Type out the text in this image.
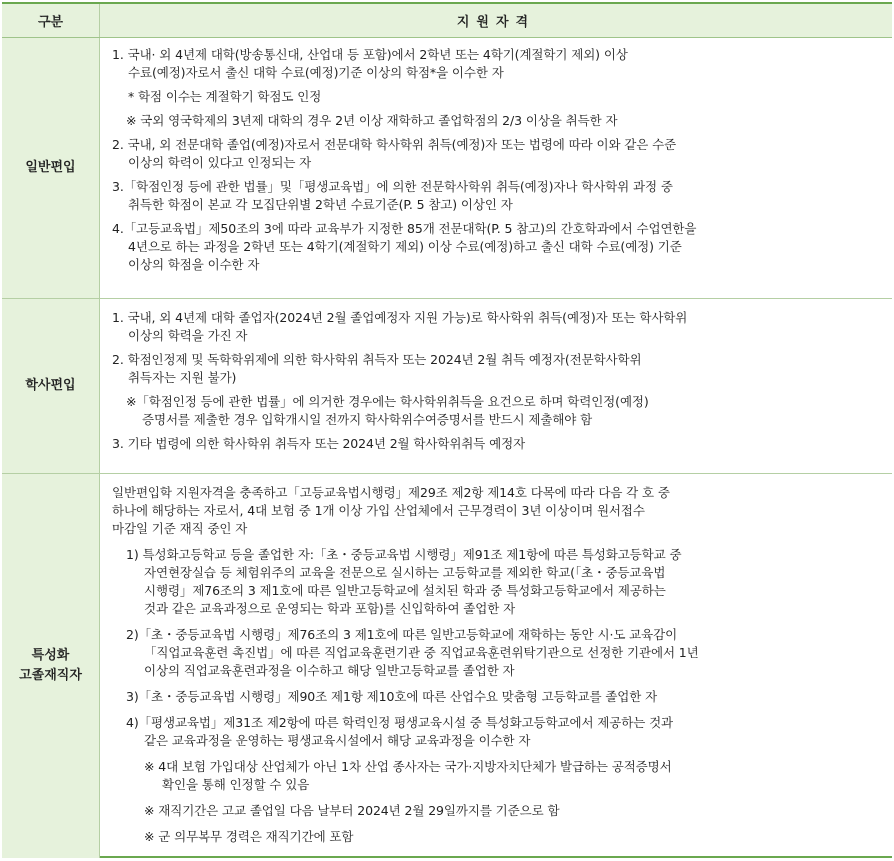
구분	지원자격
일반편입
1. 국내· 외 4년제 대학(방송통신대, 산업대 등 포함)에서 2학년 또는 4학기(계절학기 제외) 이상
수료(예정)자로서 출신 대학 수료(예정)기준 이상의 학점*을 이수한 자
* 학점 이수는 계절학기 학점도 인정
※ 국외 영국학제의 3년제 대학의 경우 2년 이상 재학하고 졸업학점의 2/3 이상을 취득한 자
2. 국내, 외 전문대학 졸업(예정)자로서 전문대학 학사학위 취득(예정)자 또는 법령에 따라 이와 같은 수준
이상의 학력이 있다고 인정되는 자
3.「학점인정 등에 관한 법률」및「평생교육법」에 의한 전문학사학위 취득(예정)자나 학사학위 과정 중
취득한 학점이 본교 각 모집단위별 2학년 수료기준(P. 5 참고) 이상인 자
4.「고등교육법」제50조의 3에 따라 교육부가 지정한 85개 전문대학(P. 5 참고)의 간호학과에서 수업연한을
4년으로 하는 과정을 2학년 또는 4학기(계절학기 제외) 이상 수료(예정)하고 출신 대학 수료(예정) 기준
이상의 학점을 이수한 자
학사편입
1. 국내, 외 4년제 대학 졸업자(2024년 2월 졸업예정자 지원 가능)로 학사학위 취득(예정)자 또는 학사학위
이상의 학력을 가진 자
2. 학점인정제 및 독학학위제에 의한 학사학위 취득자 또는 2024년 2월 취득 예정자(전문학사학위
취득자는 지원 불가)
※「학점인정 등에 관한 법률」에 의거한 경우에는 학사학위취득을 요건으로 하며 학력인정(예정)
증명서를 제출한 경우 입학개시일 전까지 학사학위수여증명서를 반드시 제출해야 함
3. 기타 법령에 의한 학사학위 취득자 또는 2024년 2월 학사학위취득 예정자
특성화
고졸재직자
일반편입학 지원자격을 충족하고「고등교육법시행령」제29조 제2항 제14호 다목에 따라 다음 각 호 중
하나에 해당하는 자로서, 4대 보험 중 1개 이상 가입 산업체에서 근무경력이 3년 이상이며 원서접수
마감일 기준 재직 중인 자
1) 특성화고등학교 등을 졸업한 자:「초・중등교육법 시행령」제91조 제1항에 따른 특성화고등학교 중
자연현장실습 등 체험위주의 교육을 전문으로 실시하는 고등학교를 제외한 학교(「초・중등교육법
시행령」제76조의 3 제1호에 따른 일반고등학교에 설치된 학과 중 특성화고등학교에서 제공하는
것과 같은 교육과정으로 운영되는 학과 포함)를 신입학하여 졸업한 자
2)「초・중등교육법 시행령」제76조의 3 제1호에 따른 일반고등학교에 재학하는 동안 시·도 교육감이
「직업교육훈련 촉진법」에 따른 직업교육훈련기관 중 직업교육훈련위탁기관으로 선정한 기관에서 1년
이상의 직업교육훈련과정을 이수하고 해당 일반고등학교를 졸업한 자
3)「초・중등교육법 시행령」제90조 제1항 제10호에 따른 산업수요 맞춤형 고등학교를 졸업한 자
4)「평생교육법」제31조 제2항에 따른 학력인정 평생교육시설 중 특성화고등학교에서 제공하는 것과
같은 교육과정을 운영하는 평생교육시설에서 해당 교육과정을 이수한 자
※ 4대 보험 가입대상 산업체가 아닌 1차 산업 종사자는 국가·지방자치단체가 발급하는 공적증명서
확인을 통해 인정할 수 있음
※ 재직기간은 고교 졸업일 다음 날부터 2024년 2월 29일까지를 기준으로 함
※ 군 의무복무 경력은 재직기간에 포함
